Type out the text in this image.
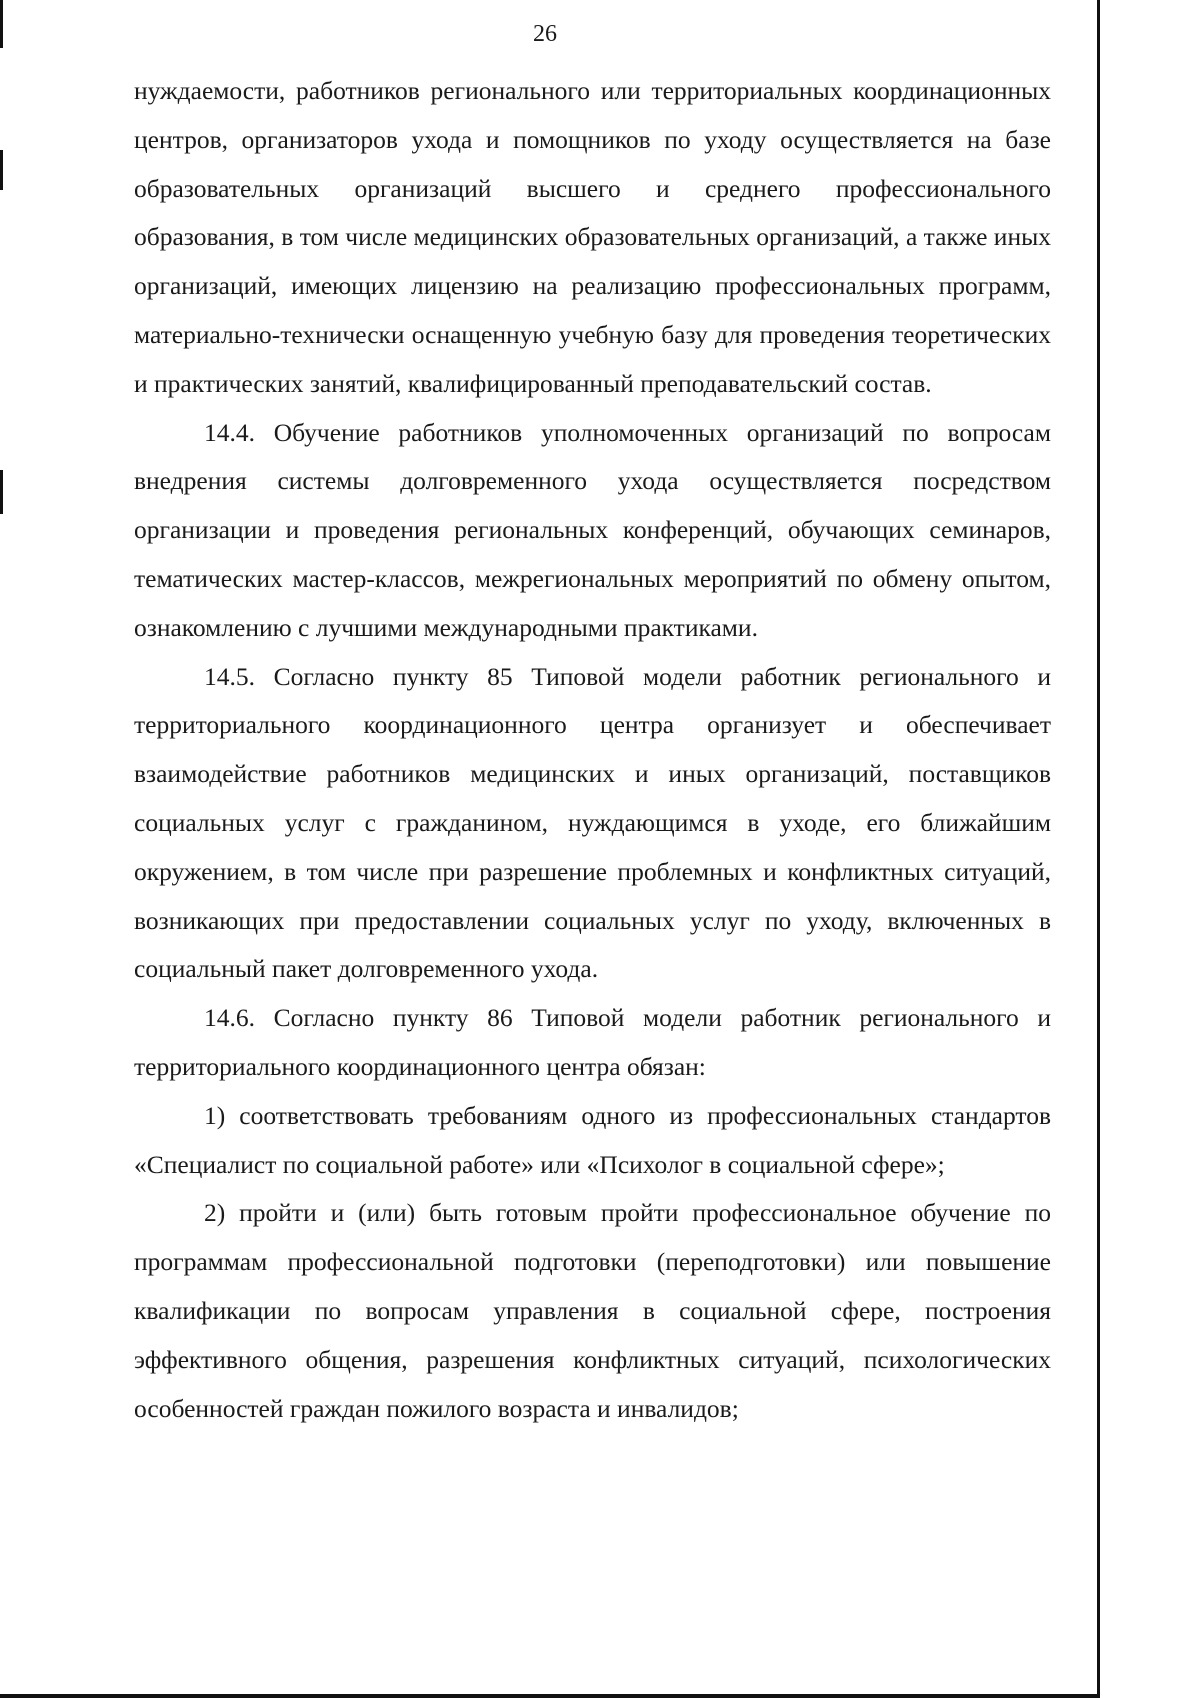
26

нуждаемости, работников регионального или территориальных координационных центров, организаторов ухода и помощников по уходу осуществляется на базе образовательных организаций высшего и среднего профессионального образования, в том числе медицинских образовательных организаций, а также иных организаций, имеющих лицензию на реализацию профессиональных программ, материально-технически оснащенную учебную базу для проведения теоретических и практических занятий, квалифицированный преподавательский состав.

14.4. Обучение работников уполномоченных организаций по вопросам внедрения системы долговременного ухода осуществляется посредством организации и проведения региональных конференций, обучающих семинаров, тематических мастер-классов, межрегиональных мероприятий по обмену опытом, ознакомлению с лучшими международными практиками.

14.5. Согласно пункту 85 Типовой модели работник регионального и территориального координационного центра организует и обеспечивает взаимодействие работников медицинских и иных организаций, поставщиков социальных услуг с гражданином, нуждающимся в уходе, его ближайшим окружением, в том числе при разрешение проблемных и конфликтных ситуаций, возникающих при предоставлении социальных услуг по уходу, включенных в социальный пакет долговременного ухода.

14.6. Согласно пункту 86 Типовой модели работник регионального и территориального координационного центра обязан:

1) соответствовать требованиям одного из профессиональных стандартов «Специалист по социальной работе» или «Психолог в социальной сфере»;

2) пройти и (или) быть готовым пройти профессиональное обучение по программам профессиональной подготовки (переподготовки) или повышение квалификации по вопросам управления в социальной сфере, построения эффективного общения, разрешения конфликтных ситуаций, психологических особенностей граждан пожилого возраста и инвалидов;
